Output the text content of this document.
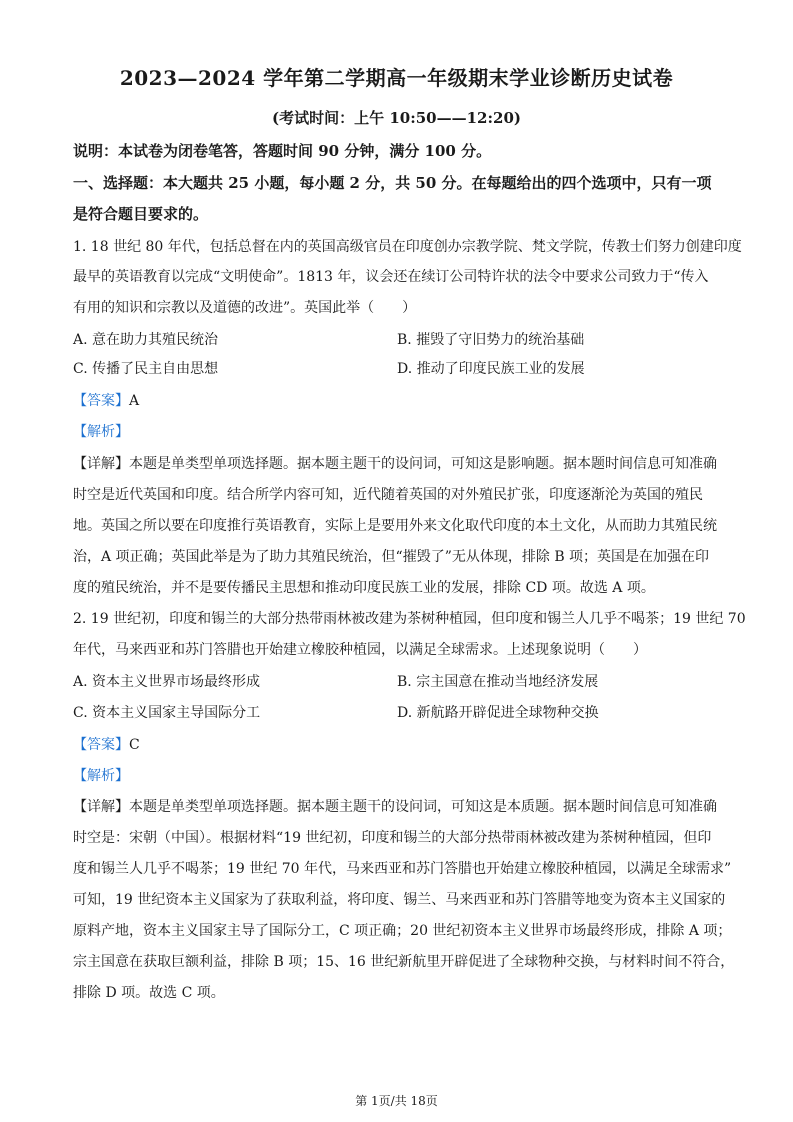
2023—2024 学年第二学期高一年级期末学业诊断历史试卷
(考试时间：上午 10:50——12:20)
说明：本试卷为闭卷笔答，答题时间 90 分钟，满分 100 分。
一、选择题：本大题共 25 小题，每小题 2 分，共 50 分。在每题给出的四个选项中，只有一项
是符合题目要求的。
1. 18 世纪 80 年代，包括总督在内的英国高级官员在印度创办宗教学院、梵文学院，传教士们努力创建印度
最早的英语教育以完成“文明使命”。1813 年，议会还在续订公司特许状的法令中要求公司致力于“传入
有用的知识和宗教以及道德的改进”。英国此举（　　）
A. 意在助力其殖民统治	B. 摧毁了守旧势力的统治基础
C. 传播了民主自由思想	D. 推动了印度民族工业的发展
【答案】A
【解析】
【详解】本题是单类型单项选择题。据本题主题干的设问词，可知这是影响题。据本题时间信息可知准确
时空是近代英国和印度。结合所学内容可知，近代随着英国的对外殖民扩张，印度逐渐沦为英国的殖民
地。英国之所以要在印度推行英语教育，实际上是要用外来文化取代印度的本土文化，从而助力其殖民统
治，A 项正确；英国此举是为了助力其殖民统治，但“摧毁了”无从体现，排除 B 项；英国是在加强在印
度的殖民统治，并不是要传播民主思想和推动印度民族工业的发展，排除 CD 项。故选 A 项。
2. 19 世纪初，印度和锡兰的大部分热带雨林被改建为茶树种植园，但印度和锡兰人几乎不喝茶；19 世纪 70
年代，马来西亚和苏门答腊也开始建立橡胶种植园，以满足全球需求。上述现象说明（　　）
A. 资本主义世界市场最终形成	B. 宗主国意在推动当地经济发展
C. 资本主义国家主导国际分工	D. 新航路开辟促进全球物种交换
【答案】C
【解析】
【详解】本题是单类型单项选择题。据本题主题干的设问词，可知这是本质题。据本题时间信息可知准确
时空是：宋朝（中国）。根据材料“19 世纪初，印度和锡兰的大部分热带雨林被改建为茶树种植园，但印
度和锡兰人几乎不喝茶；19 世纪 70 年代，马来西亚和苏门答腊也开始建立橡胶种植园，以满足全球需求”
可知，19 世纪资本主义国家为了获取利益，将印度、锡兰、马来西亚和苏门答腊等地变为资本主义国家的
原料产地，资本主义国家主导了国际分工，C 项正确；20 世纪初资本主义世界市场最终形成，排除 A 项；
宗主国意在获取巨额利益，排除 B 项；15、16 世纪新航里开辟促进了全球物种交换，与材料时间不符合，
排除 D 项。故选 C 项。
第 1页/共 18页
